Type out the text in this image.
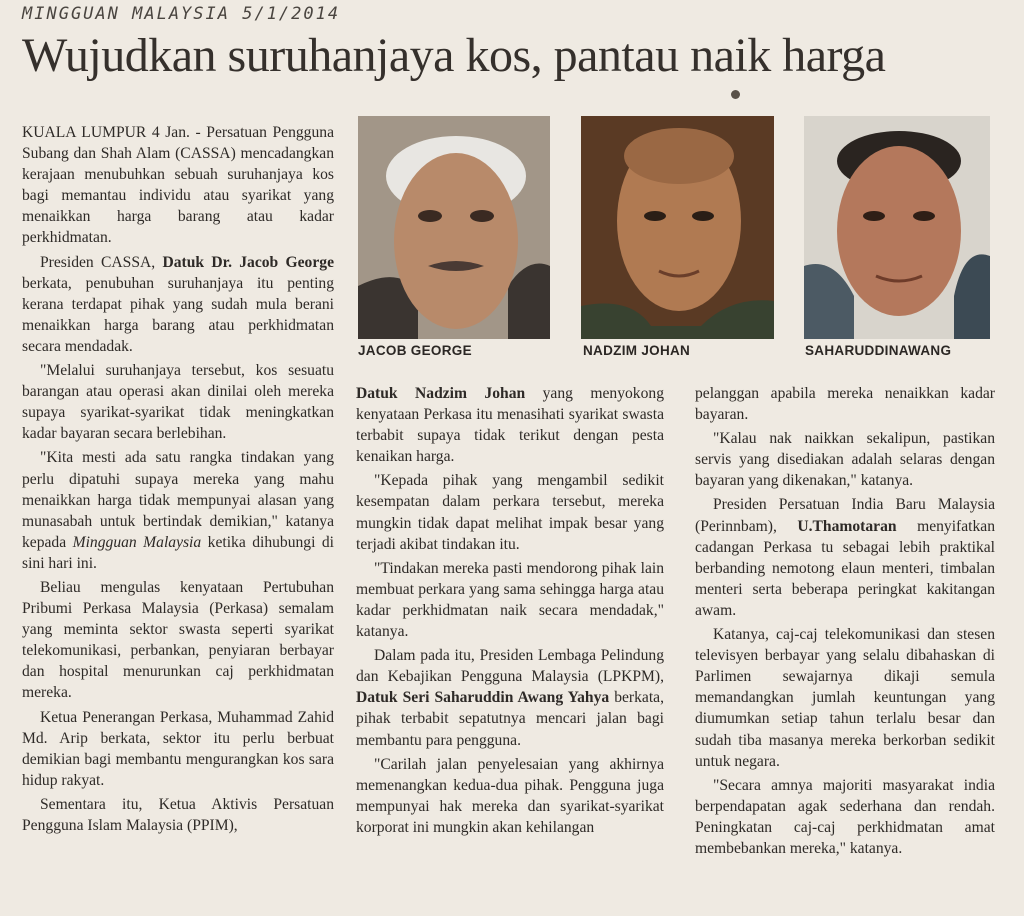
MINGGUAN MALAYSIA 5/1/2014
Wujudkan suruhanjaya kos, pantau naik harga
JACOB GEORGE	NADZIM JOHAN	SAHARUDDINAWANG

KUALA LUMPUR 4 Jan. - Persatuan Pengguna Subang dan Shah Alam (CASSA) mencadangkan kerajaan menubuhkan sebuah suruhanjaya kos bagi memantau individu atau syarikat yang menaikkan harga barang atau kadar perkhidmatan.

Presiden CASSA, Datuk Dr. Jacob George berkata, penubuhan suruhanjaya itu penting kerana terdapat pihak yang sudah mula berani menaikkan harga barang atau perkhidmatan secara mendadak.

"Melalui suruhanjaya tersebut, kos sesuatu barangan atau operasi akan dinilai oleh mereka supaya syarikat-syarikat tidak meningkatkan kadar bayaran secara berlebihan.

"Kita mesti ada satu rangka tindakan yang perlu dipatuhi supaya mereka yang mahu menaikkan harga tidak mempunyai alasan yang munasabah untuk bertindak demikian," katanya kepada Mingguan Malaysia ketika dihubungi di sini hari ini.

Beliau mengulas kenyataan Pertubuhan Pribumi Perkasa Malaysia (Perkasa) semalam yang meminta sektor swasta seperti syarikat telekomunikasi, perbankan, penyiaran berbayar dan hospital menurunkan caj perkhidmatan mereka.

Ketua Penerangan Perkasa, Muhammad Zahid Md. Arip berkata, sektor itu perlu berbuat demikian bagi membantu mengurangkan kos sara hidup rakyat.

Sementara itu, Ketua Aktivis Persatuan Pengguna Islam Malaysia (PPIM),

Datuk Nadzim Johan yang menyokong kenyataan Perkasa itu menasihati syarikat swasta terbabit supaya tidak terikut dengan pesta kenaikan harga.

"Kepada pihak yang mengambil sedikit kesempatan dalam perkara tersebut, mereka mungkin tidak dapat melihat impak besar yang terjadi akibat tindakan itu.

"Tindakan mereka pasti mendorong pihak lain membuat perkara yang sama sehingga harga atau kadar perkhidmatan naik secara mendadak," katanya.

Dalam pada itu, Presiden Lembaga Pelindung dan Kebajikan Pengguna Malaysia (LPKPM), Datuk Seri Saharuddin Awang Yahya berkata, pihak terbabit sepatutnya mencari jalan bagi membantu para pengguna.

"Carilah jalan penyelesaian yang akhirnya memenangkan kedua-dua pihak. Pengguna juga mempunyai hak mereka dan syarikat-syarikat korporat ini mungkin akan kehilangan

pelanggan apabila mereka nenaikkan kadar bayaran.

"Kalau nak naikkan sekalipun, pastikan servis yang disediakan adalah selaras dengan bayaran yang dikenakan," katanya.

Presiden Persatuan India Baru Malaysia (Perinnbam), U.Thamotaran menyifatkan cadangan Perkasa tu sebagai lebih praktikal berbanding nemotong elaun menteri, timbalan menteri serta beberapa peringkat kakitangan awam.

Katanya, caj-caj telekomunikasi dan stesen televisyen berbayar yang selalu dibahaskan di Parlimen sewajarnya dikaji semula memandangkan jumlah keuntungan yang diumumkan setiap tahun terlalu besar dan sudah tiba masanya mereka berkorban sedikit untuk negara.

"Secara amnya majoriti masyarakat india berpendapatan agak sederhana dan rendah. Peningkatan caj-caj perkhidmatan amat membebankan mereka," katanya.
